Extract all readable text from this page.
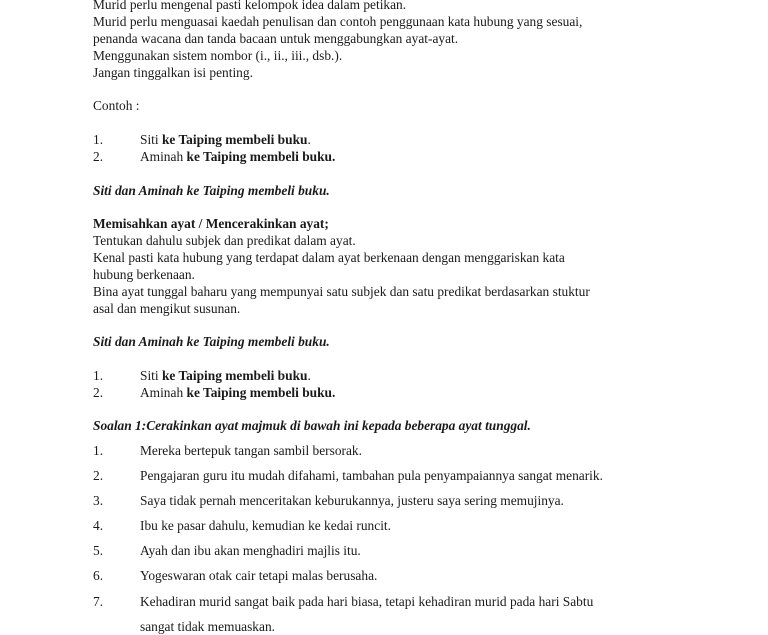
Murid perlu mengenal pasti kelompok idea dalam petikan.
Murid perlu menguasai kaedah penulisan dan contoh penggunaan kata hubung yang sesuai,
penanda wacana dan tanda bacaan untuk menggabungkan ayat-ayat.
Menggunakan sistem nombor (i., ii., iii., dsb.).
Jangan tinggalkan isi penting.
Contoh :
1.	Siti ke Taiping membeli buku.
2.	Aminah ke Taiping membeli buku.
Siti dan Aminah ke Taiping membeli buku.
Memisahkan ayat / Mencerakinkan ayat;
Tentukan dahulu subjek dan predikat dalam ayat.
Kenal pasti kata hubung yang terdapat dalam ayat berkenaan dengan menggariskan kata
hubung berkenaan.
Bina ayat tunggal baharu yang mempunyai satu subjek dan satu predikat berdasarkan stuktur
asal dan mengikut susunan.
Siti dan Aminah ke Taiping membeli buku.
1.	Siti ke Taiping membeli buku.
2.	Aminah ke Taiping membeli buku.
Soalan 1:Cerakinkan ayat majmuk di bawah ini kepada beberapa ayat tunggal.
1.	Mereka bertepuk tangan sambil bersorak.
2.	Pengajaran guru itu mudah difahami, tambahan pula penyampaiannya sangat menarik.
3.	Saya tidak pernah menceritakan keburukannya, justeru saya sering memujinya.
4.	Ibu ke pasar dahulu, kemudian ke kedai runcit.
5.	Ayah dan ibu akan menghadiri majlis itu.
6.	Yogeswaran otak cair tetapi malas berusaha.
7.	Kehadiran murid sangat baik pada hari biasa, tetapi kehadiran murid pada hari Sabtu
sangat tidak memuaskan.
